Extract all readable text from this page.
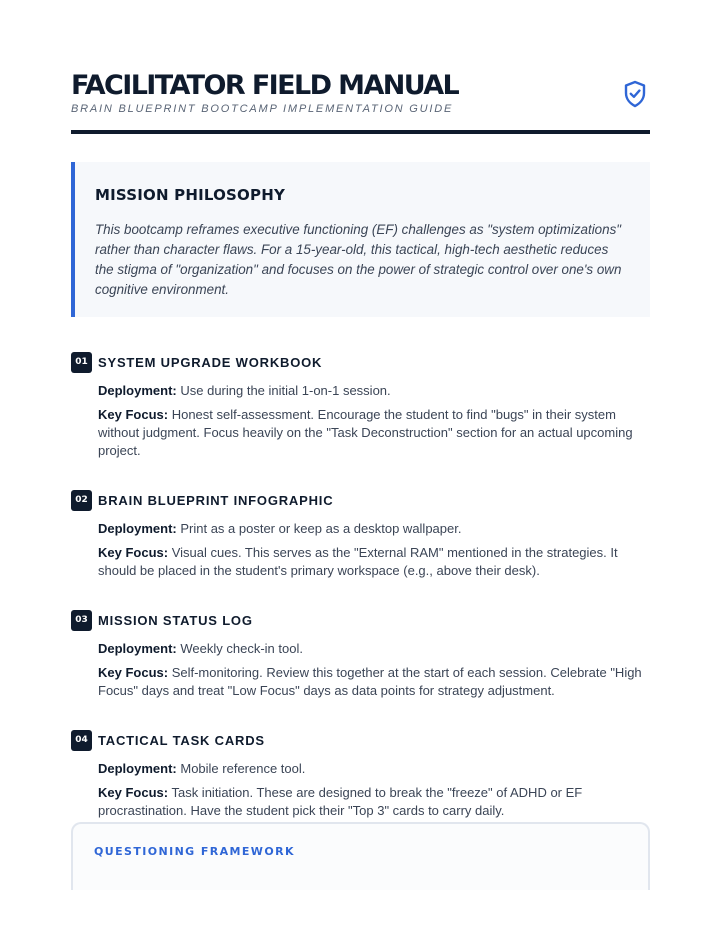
FACILITATOR FIELD MANUAL
BRAIN BLUEPRINT BOOTCAMP IMPLEMENTATION GUIDE
MISSION PHILOSOPHY

This bootcamp reframes executive functioning (EF) challenges as "system optimizations" rather than character flaws. For a 15-year-old, this tactical, high-tech aesthetic reduces the stigma of "organization" and focuses on the power of strategic control over one's own cognitive environment.

01 SYSTEM UPGRADE WORKBOOK

Deployment: Use during the initial 1-on-1 session.

Key Focus: Honest self-assessment. Encourage the student to find "bugs" in their system without judgment. Focus heavily on the "Task Deconstruction" section for an actual upcoming project.

02 BRAIN BLUEPRINT INFOGRAPHIC

Deployment: Print as a poster or keep as a desktop wallpaper.

Key Focus: Visual cues. This serves as the "External RAM" mentioned in the strategies. It should be placed in the student's primary workspace (e.g., above their desk).

03 MISSION STATUS LOG

Deployment: Weekly check-in tool.

Key Focus: Self-monitoring. Review this together at the start of each session. Celebrate "High Focus" days and treat "Low Focus" days as data points for strategy adjustment.

04 TACTICAL TASK CARDS

Deployment: Mobile reference tool.

Key Focus: Task initiation. These are designed to break the "freeze" of ADHD or EF procrastination. Have the student pick their "Top 3" cards to carry daily.

QUESTIONING FRAMEWORK
